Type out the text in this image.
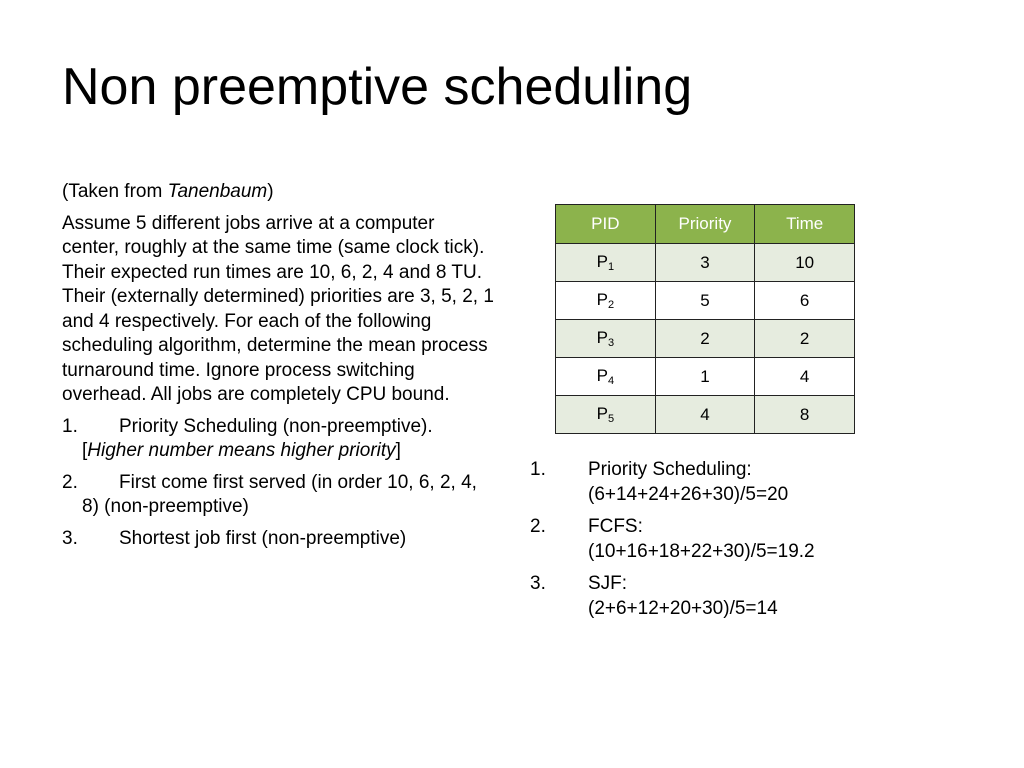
Non preemptive scheduling

(Taken from Tanenbaum)

Assume 5 different jobs arrive at a computer center, roughly at the same time (same clock tick). Their expected run times are 10, 6, 2, 4 and 8 TU. Their (externally determined) priorities are 3, 5, 2, 1 and 4 respectively. For each of the following scheduling algorithm, determine the mean process turnaround time. Ignore process switching overhead. All jobs are completely CPU bound.

1. Priority Scheduling (non-preemptive). [Higher number means higher priority]
2. First come first served (in order 10, 6, 2, 4, 8) (non-preemptive)
3. Shortest job first (non-preemptive)
PID	Priority	Time
$P_1$	3	10
$P_2$	5	6
$P_3$	2	2
$P_4$	1	4
$P_5$	4	8
1.	Priority Scheduling:
(6+14+24+26+30)/5=20
2.	FCFS:
(10+16+18+22+30)/5=19.2
3.	SJF:
(2+6+12+20+30)/5=14
